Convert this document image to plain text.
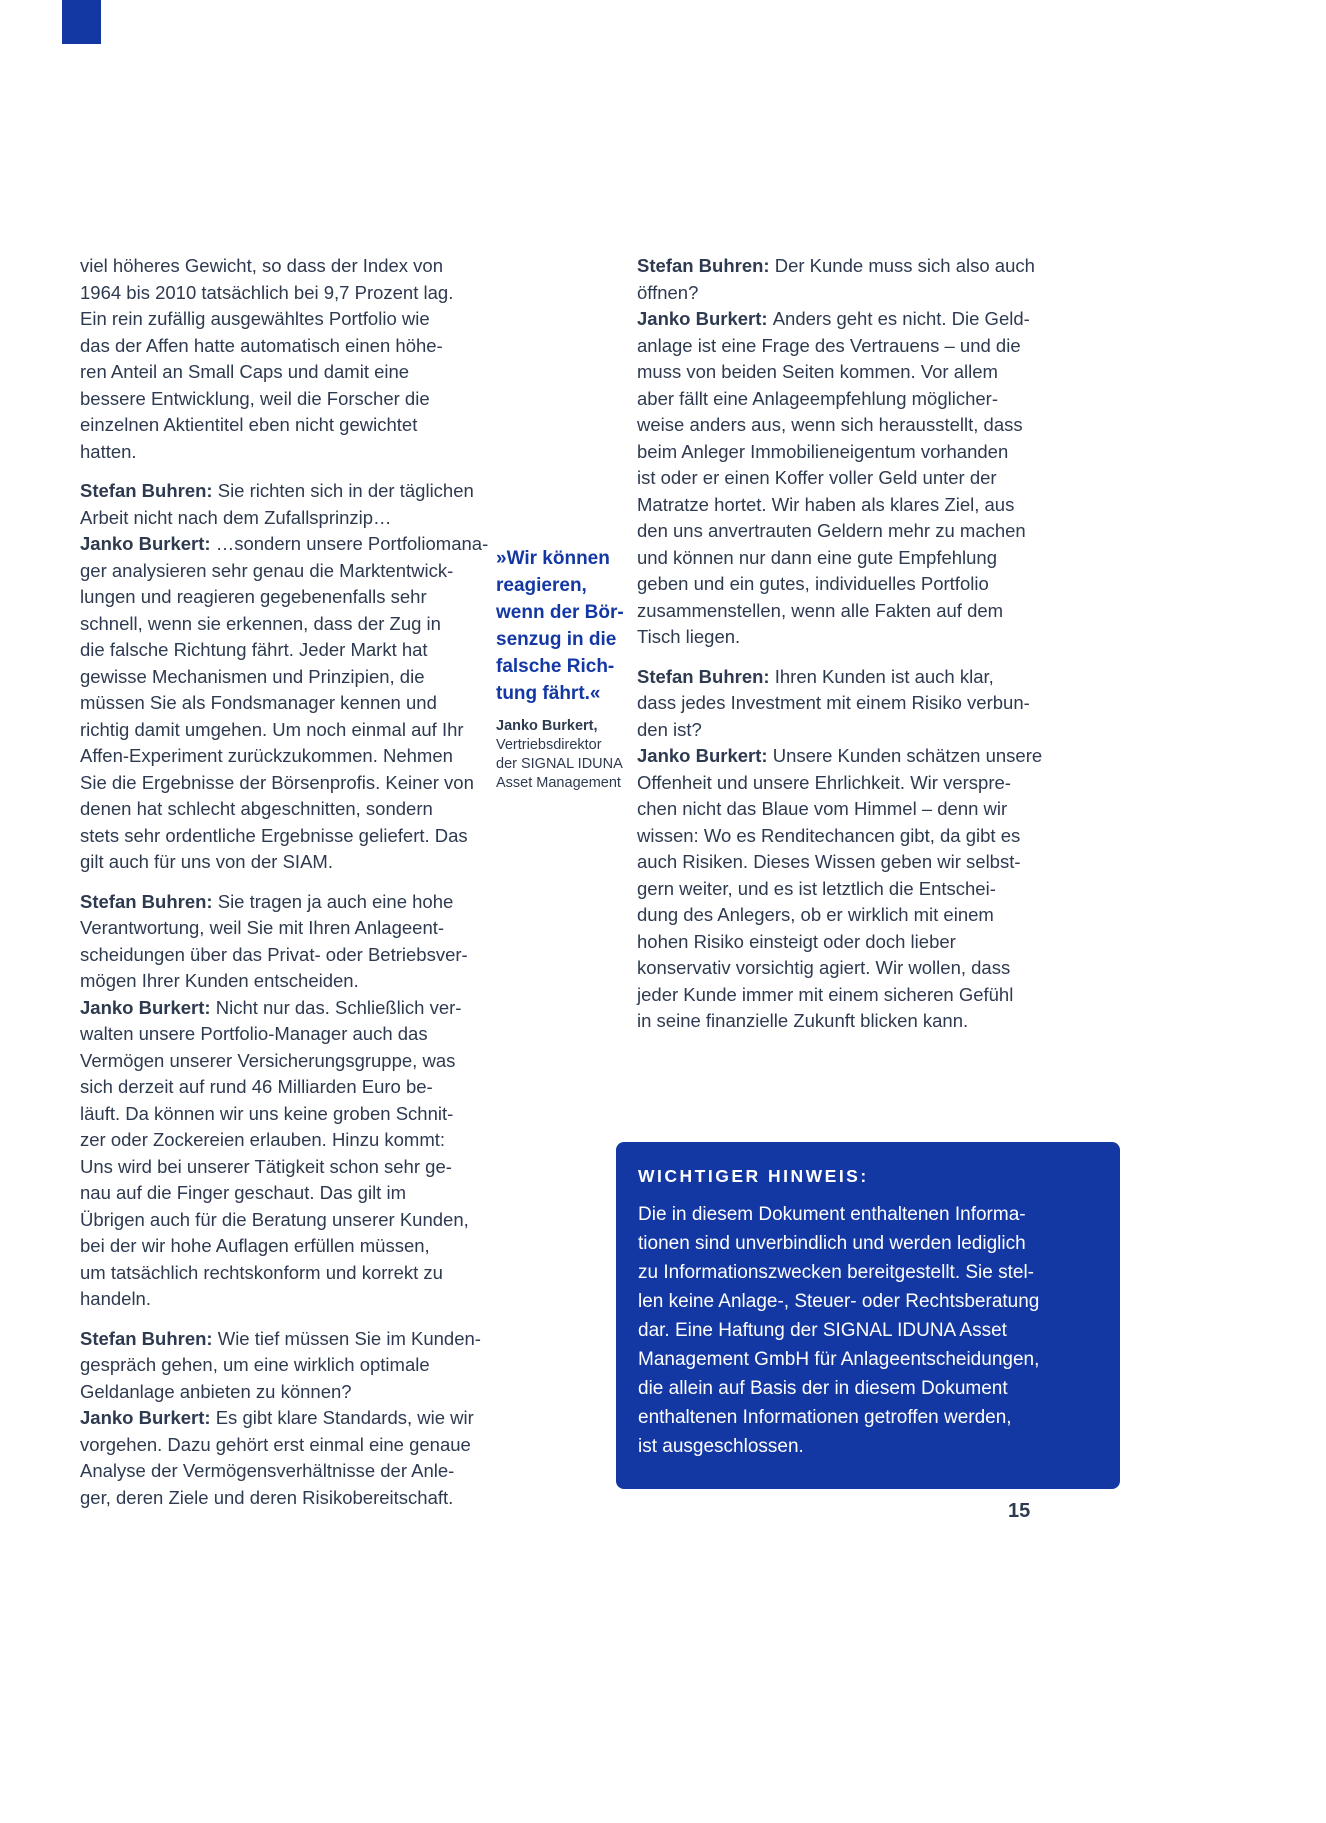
viel höheres Gewicht, so dass der Index von
1964 bis 2010 tatsächlich bei 9,7 Prozent lag.
Ein rein zufällig ausgewähltes Portfolio wie
das der Affen hatte automatisch einen höhe-
ren Anteil an Small Caps und damit eine
bessere Entwicklung, weil die Forscher die
einzelnen Aktientitel eben nicht gewichtet
hatten.
Stefan Buhren: Sie richten sich in der täglichen
Arbeit nicht nach dem Zufallsprinzip…
Janko Burkert: …sondern unsere Portfoliomana-
ger analysieren sehr genau die Marktentwick-
lungen und reagieren gegebenenfalls sehr
schnell, wenn sie erkennen, dass der Zug in
die falsche Richtung fährt. Jeder Markt hat
gewisse Mechanismen und Prinzipien, die
müssen Sie als Fondsmanager kennen und
richtig damit umgehen. Um noch einmal auf Ihr
Affen-Experiment zurückzukommen. Nehmen
Sie die Ergebnisse der Börsenprofis. Keiner von
denen hat schlecht abgeschnitten, sondern
stets sehr ordentliche Ergebnisse geliefert. Das
gilt auch für uns von der SIAM.
Stefan Buhren: Sie tragen ja auch eine hohe
Verantwortung, weil Sie mit Ihren Anlageent-
scheidungen über das Privat- oder Betriebsver-
mögen Ihrer Kunden entscheiden.
Janko Burkert: Nicht nur das. Schließlich ver-
walten unsere Portfolio-Manager auch das
Vermögen unserer Versicherungsgruppe, was
sich derzeit auf rund 46 Milliarden Euro be-
läuft. Da können wir uns keine groben Schnit-
zer oder Zockereien erlauben. Hinzu kommt:
Uns wird bei unserer Tätigkeit schon sehr ge-
nau auf die Finger geschaut. Das gilt im
Übrigen auch für die Beratung unserer Kunden,
bei der wir hohe Auflagen erfüllen müssen,
um tatsächlich rechtskonform und korrekt zu
handeln.
Stefan Buhren: Wie tief müssen Sie im Kunden-
gespräch gehen, um eine wirklich optimale
Geldanlage anbieten zu können?
Janko Burkert: Es gibt klare Standards, wie wir
vorgehen. Dazu gehört erst einmal eine genaue
Analyse der Vermögensverhältnisse der Anle-
ger, deren Ziele und deren Risikobereitschaft.
»Wir können
reagieren,
wenn der Bör-
senzug in die
falsche Rich-
tung fährt.«
Janko Burkert,
Vertriebsdirektor
der SIGNAL IDUNA
Asset Management
Stefan Buhren: Der Kunde muss sich also auch
öffnen?
Janko Burkert: Anders geht es nicht. Die Geld-
anlage ist eine Frage des Vertrauens – und die
muss von beiden Seiten kommen. Vor allem
aber fällt eine Anlageempfehlung möglicher-
weise anders aus, wenn sich herausstellt, dass
beim Anleger Immobilieneigentum vorhanden
ist oder er einen Koffer voller Geld unter der
Matratze hortet. Wir haben als klares Ziel, aus
den uns anvertrauten Geldern mehr zu machen
und können nur dann eine gute Empfehlung
geben und ein gutes, individuelles Portfolio
zusammenstellen, wenn alle Fakten auf dem
Tisch liegen.
Stefan Buhren: Ihren Kunden ist auch klar,
dass jedes Investment mit einem Risiko verbun-
den ist?
Janko Burkert: Unsere Kunden schätzen unsere
Offenheit und unsere Ehrlichkeit. Wir verspre-
chen nicht das Blaue vom Himmel – denn wir
wissen: Wo es Renditechancen gibt, da gibt es
auch Risiken. Dieses Wissen geben wir selbst-
gern weiter, und es ist letztlich die Entschei-
dung des Anlegers, ob er wirklich mit einem
hohen Risiko einsteigt oder doch lieber
konservativ vorsichtig agiert. Wir wollen, dass
jeder Kunde immer mit einem sicheren Gefühl
in seine finanzielle Zukunft blicken kann.
WICHTIGER HINWEIS:
Die in diesem Dokument enthaltenen Informa-
tionen sind unverbindlich und werden lediglich
zu Informationszwecken bereitgestellt. Sie stel-
len keine Anlage-, Steuer- oder Rechtsberatung
dar. Eine Haftung der SIGNAL IDUNA Asset
Management GmbH für Anlageentscheidungen,
die allein auf Basis der in diesem Dokument
enthaltenen Informationen getroffen werden,
ist ausgeschlossen.
15
